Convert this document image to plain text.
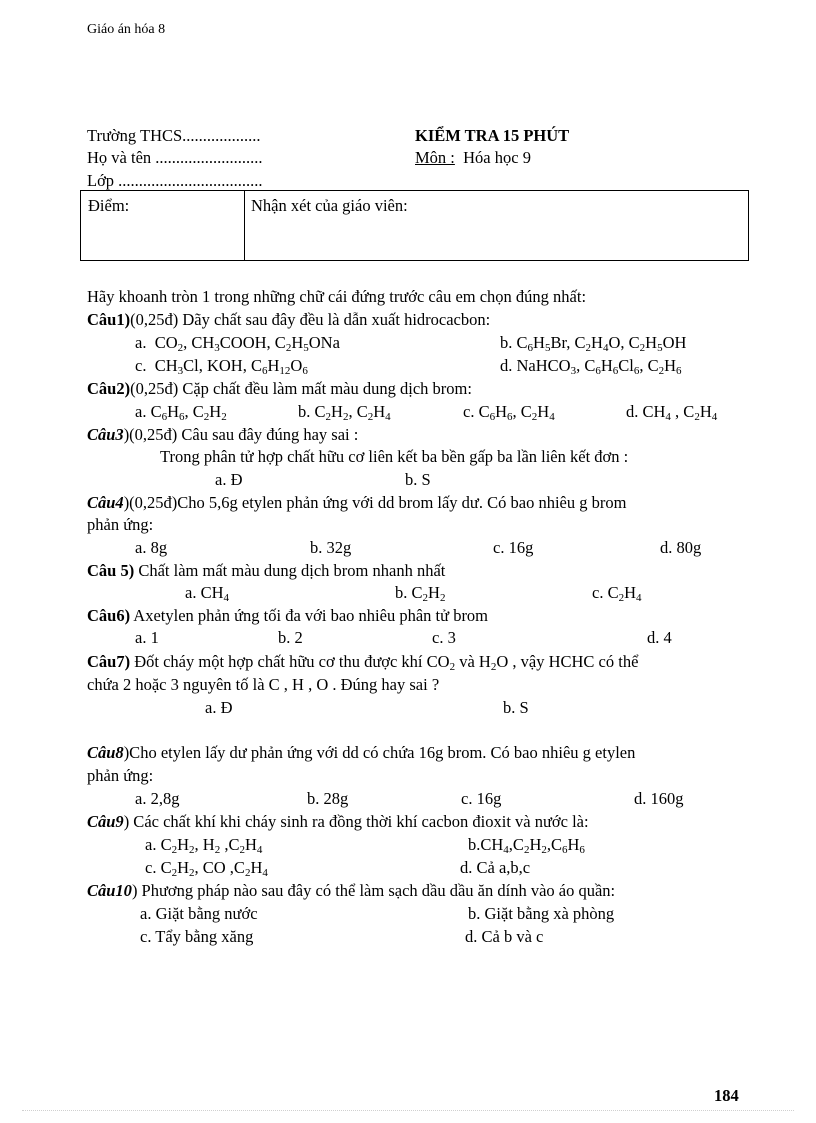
Giáo án hóa 8
Trường THCS...................
Họ và tên ..........................
Lớp ...................................
KIỂM TRA 15 PHÚT
Môn : Hóa học 9
Điểm:	Nhận xét của giáo viên:
Hãy khoanh tròn 1 trong những chữ cái đứng trước câu em chọn đúng nhất:
Câu1)(0,25đ) Dãy chất sau đây đều là dẫn xuất hidrocacbon:
a. $CO_2$, $CH_3COOH$, $C_2H_5ONa$	b. $C_6H_5Br$, $C_2H_4O$, $C_2H_5OH$
c. $CH_3Cl$, KOH, $C_6H_{12}O_6$	d. NaHCO$_3$, $C_6H_6Cl_6$, $C_2H_6$
Câu2)(0,25đ) Cặp chất đều làm mất màu dung dịch brom:
a. $C_6H_6$, $C_2H_2$	b. $C_2H_2$, $C_2H_4$	c. $C_6H_6$, $C_2H_4$	d. $CH_4$ , $C_2H_4$
Câu3)(0,25đ) Câu sau đây đúng hay sai :
Trong phân tử hợp chất hữu cơ liên kết ba bền gấp ba lần liên kết đơn :
a. Đ	b. S
Câu4)(0,25đ)Cho 5,6g etylen phản ứng với dd brom lấy dư. Có bao nhiêu g brom
phản ứng:
a. 8g	b. 32g	c. 16g	d. 80g
Câu 5) Chất làm mất màu dung dịch brom nhanh nhất
a. $CH_4$	b. $C_2H_2$	c. $C_2H_4$
Câu6) Axetylen phản ứng tối đa với bao nhiêu phân tử brom
a. 1	b. 2	c. 3	d. 4
Câu7) Đốt cháy một hợp chất hữu cơ thu được khí $CO_2$ và $H_2O$ , vậy HCHC có thể
chứa 2 hoặc 3 nguyên tố là C , H , O . Đúng hay sai ?
a. Đ	b. S
Câu8)Cho etylen lấy dư phản ứng với dd có chứa 16g brom. Có bao nhiêu g etylen
phản ứng:
a. 2,8g	b. 28g	c. 16g	d. 160g
Câu9) Các chất khí khi cháy sinh ra đồng thời khí cacbon đioxit và nước là:
a. $C_2H_2$, $H_2$ $,C_2H_4$	$b.CH_4,C_2H_2,C_6H_6$
c. $C_2H_2$, CO $,C_2H_4$	d. Cả a,b,c
Câu10) Phương pháp nào sau đây có thể làm sạch dầu dầu ăn dính vào áo quần:
a. Giặt bằng nước	b. Giặt bằng xà phòng
c. Tẩy bằng xăng	d. Cả b và c
184
